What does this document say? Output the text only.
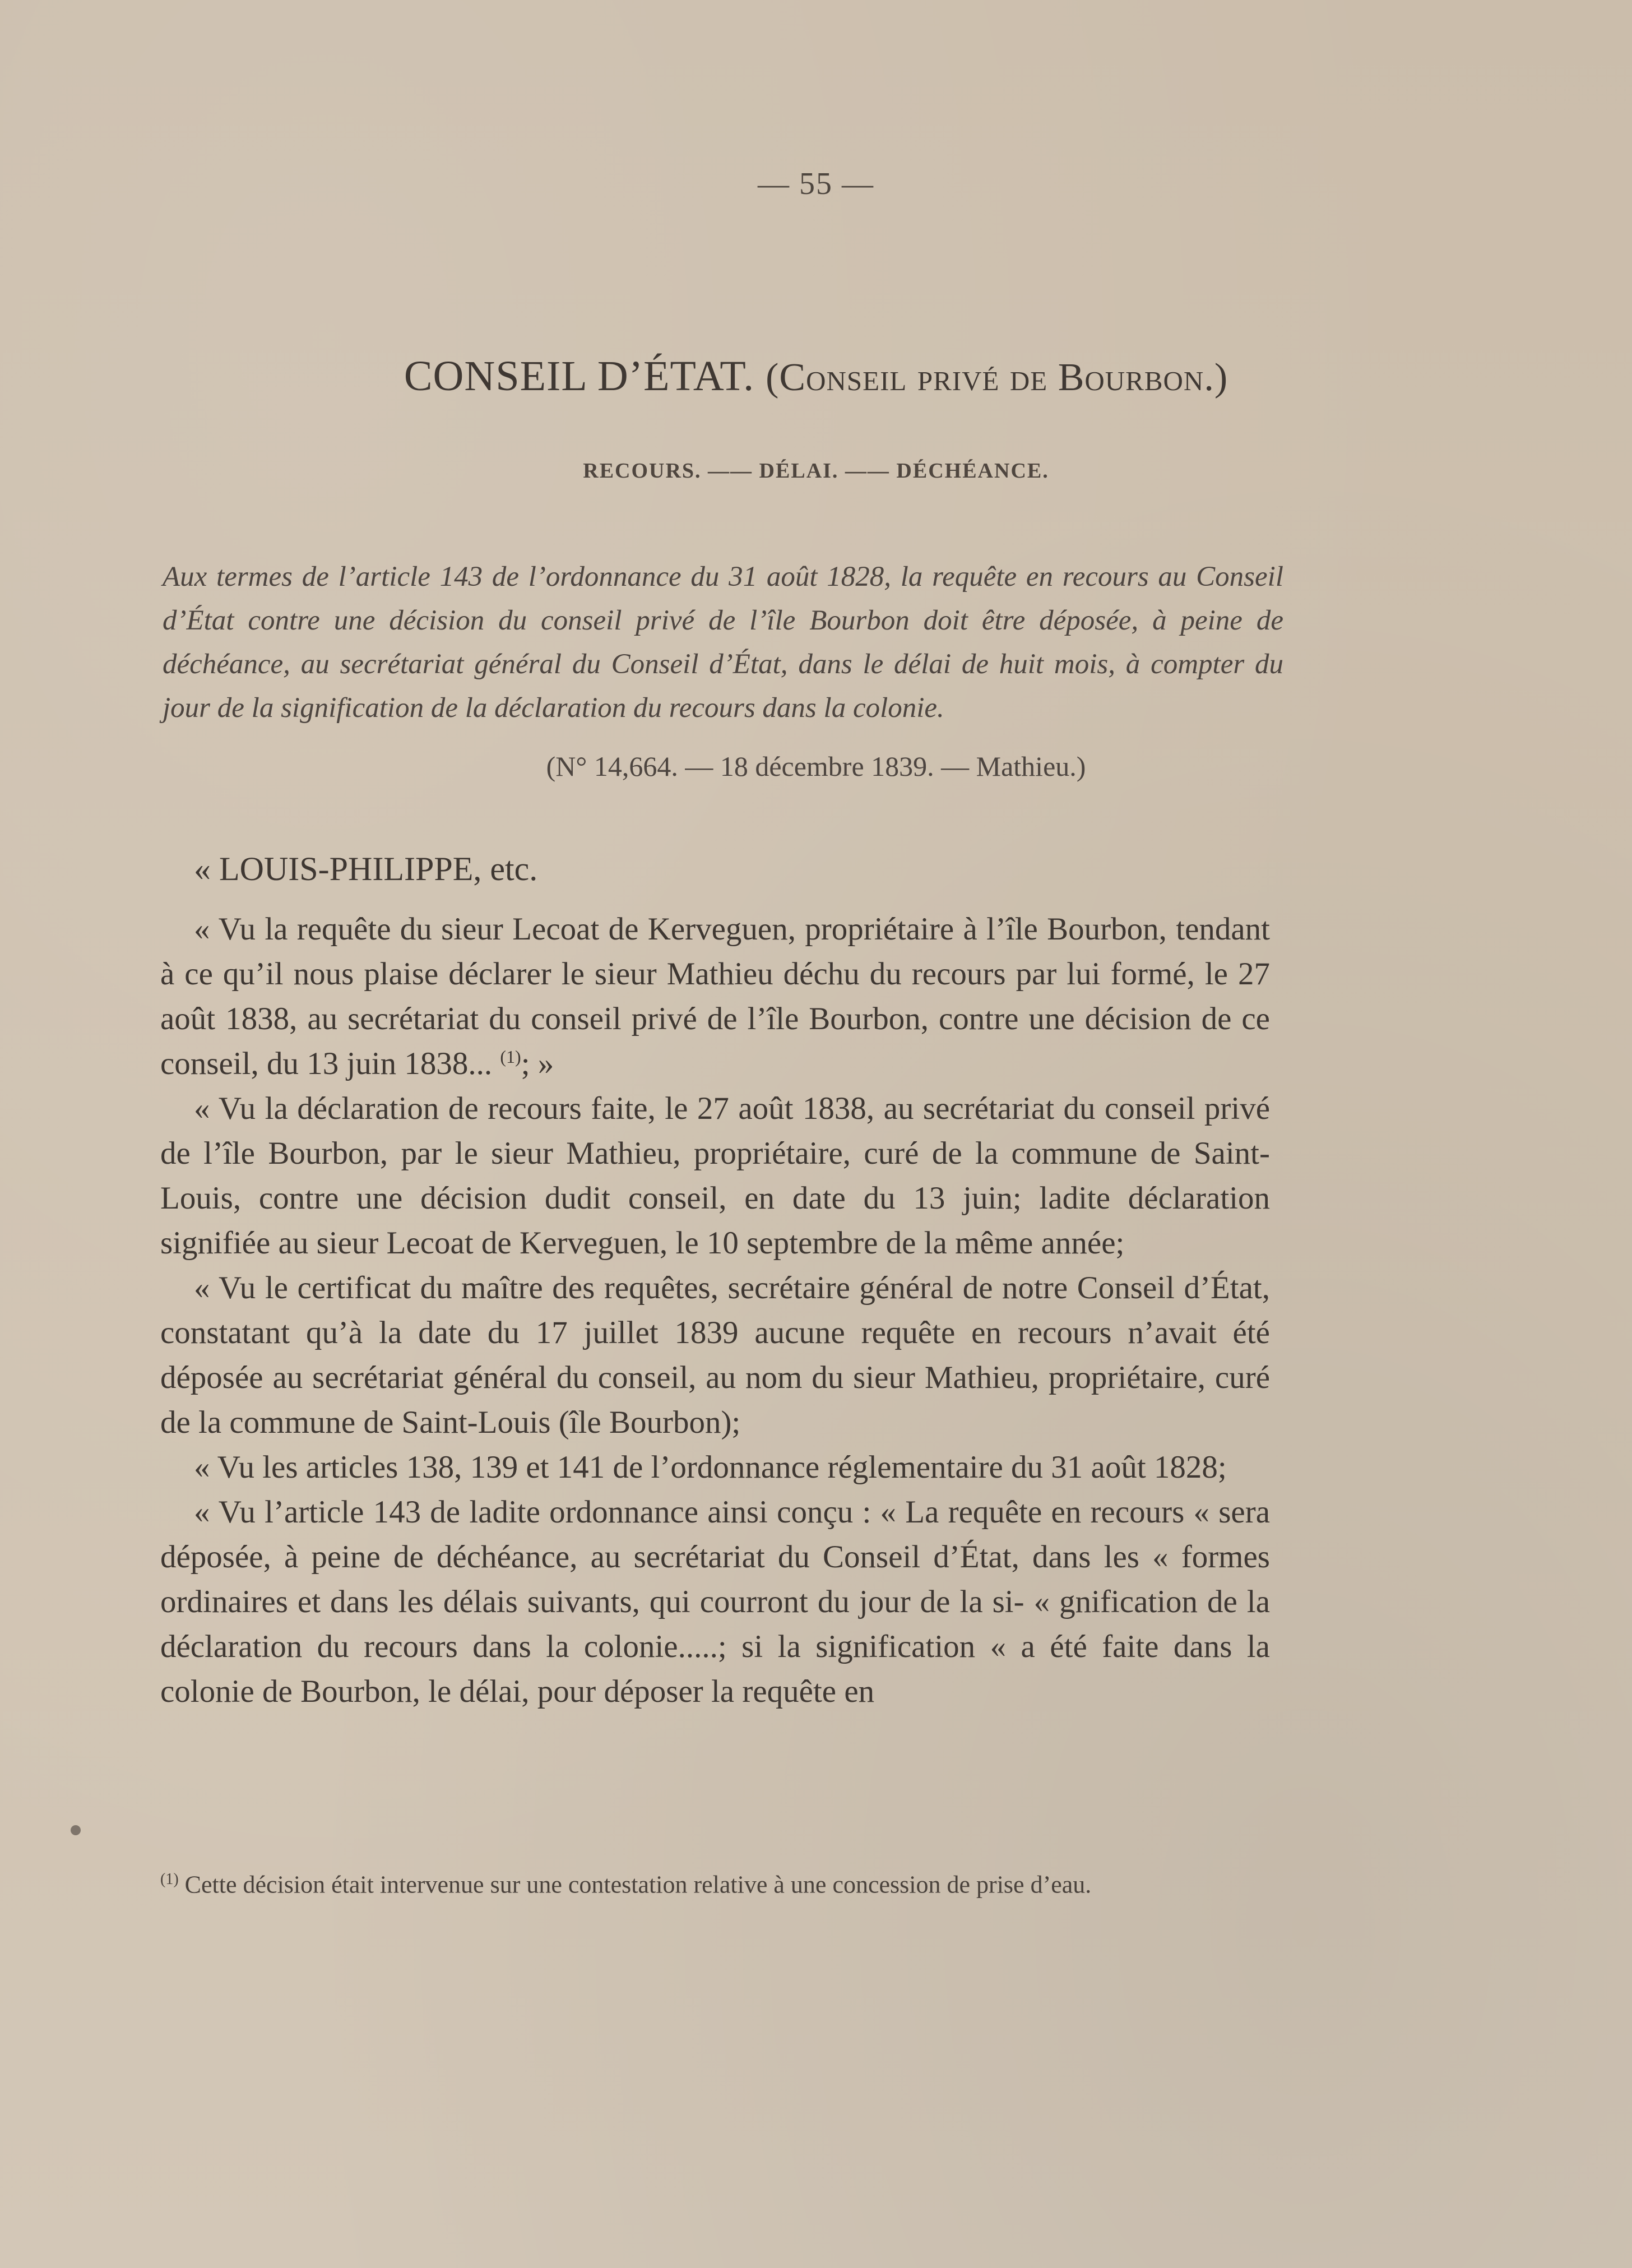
— 55 —
CONSEIL D’ÉTAT. (Conseil privé de Bourbon.)
RECOURS. —— DÉLAI. —— DÉCHÉANCE.

Aux termes de l’article 143 de l’ordonnance du 31 août 1828, la requête en recours au Conseil d’État contre une décision du conseil privé de l’île Bourbon doit être déposée, à peine de déchéance, au secrétariat général du Conseil d’État, dans le délai de huit mois, à compter du jour de la signification de la déclaration du recours dans la colonie.

(N° 14,664. — 18 décembre 1839. — Mathieu.)

« LOUIS-PHILIPPE, etc.

« Vu la requête du sieur Lecoat de Kerveguen, propriétaire à l’île Bourbon, tendant à ce qu’il nous plaise déclarer le sieur Mathieu déchu du recours par lui formé, le 27 août 1838, au secrétariat du conseil privé de l’île Bourbon, contre une décision de ce conseil, du 13 juin 1838... $^{(1)}$; »

« Vu la déclaration de recours faite, le 27 août 1838, au secrétariat du conseil privé de l’île Bourbon, par le sieur Mathieu, propriétaire, curé de la commune de Saint-Louis, contre une décision dudit conseil, en date du 13 juin; ladite déclaration signifiée au sieur Lecoat de Kerveguen, le 10 septembre de la même année;

« Vu le certificat du maître des requêtes, secrétaire général de notre Conseil d’État, constatant qu’à la date du 17 juillet 1839 aucune requête en recours n’avait été déposée au secrétariat général du conseil, au nom du sieur Mathieu, propriétaire, curé de la commune de Saint-Louis (île Bourbon);

« Vu les articles 138, 139 et 141 de l’ordonnance réglementaire du 31 août 1828;

« Vu l’article 143 de ladite ordonnance ainsi conçu : « La requête en recours « sera déposée, à peine de déchéance, au secrétariat du Conseil d’État, dans les « formes ordinaires et dans les délais suivants, qui courront du jour de la si- « gnification de la déclaration du recours dans la colonie.....; si la signification « a été faite dans la colonie de Bourbon, le délai, pour déposer la requête en

$^{(1)}$ Cette décision était intervenue sur une contestation relative à une concession de prise d’eau.
